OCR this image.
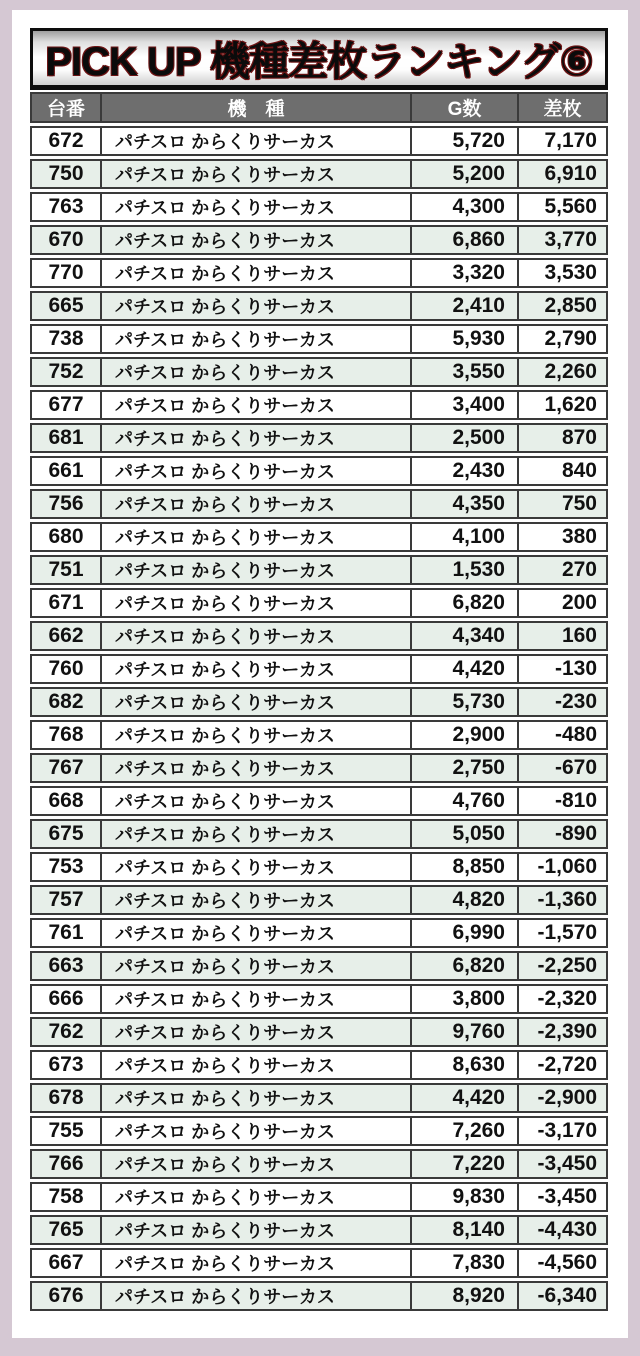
PICK UP 機種差枚ランキング⑥
台番	機　種	G数	差枚
672	パチスロ からくりサーカス	5,720	7,170
750	パチスロ からくりサーカス	5,200	6,910
763	パチスロ からくりサーカス	4,300	5,560
670	パチスロ からくりサーカス	6,860	3,770
770	パチスロ からくりサーカス	3,320	3,530
665	パチスロ からくりサーカス	2,410	2,850
738	パチスロ からくりサーカス	5,930	2,790
752	パチスロ からくりサーカス	3,550	2,260
677	パチスロ からくりサーカス	3,400	1,620
681	パチスロ からくりサーカス	2,500	870
661	パチスロ からくりサーカス	2,430	840
756	パチスロ からくりサーカス	4,350	750
680	パチスロ からくりサーカス	4,100	380
751	パチスロ からくりサーカス	1,530	270
671	パチスロ からくりサーカス	6,820	200
662	パチスロ からくりサーカス	4,340	160
760	パチスロ からくりサーカス	4,420	-130
682	パチスロ からくりサーカス	5,730	-230
768	パチスロ からくりサーカス	2,900	-480
767	パチスロ からくりサーカス	2,750	-670
668	パチスロ からくりサーカス	4,760	-810
675	パチスロ からくりサーカス	5,050	-890
753	パチスロ からくりサーカス	8,850	-1,060
757	パチスロ からくりサーカス	4,820	-1,360
761	パチスロ からくりサーカス	6,990	-1,570
663	パチスロ からくりサーカス	6,820	-2,250
666	パチスロ からくりサーカス	3,800	-2,320
762	パチスロ からくりサーカス	9,760	-2,390
673	パチスロ からくりサーカス	8,630	-2,720
678	パチスロ からくりサーカス	4,420	-2,900
755	パチスロ からくりサーカス	7,260	-3,170
766	パチスロ からくりサーカス	7,220	-3,450
758	パチスロ からくりサーカス	9,830	-3,450
765	パチスロ からくりサーカス	8,140	-4,430
667	パチスロ からくりサーカス	7,830	-4,560
676	パチスロ からくりサーカス	8,920	-6,340
